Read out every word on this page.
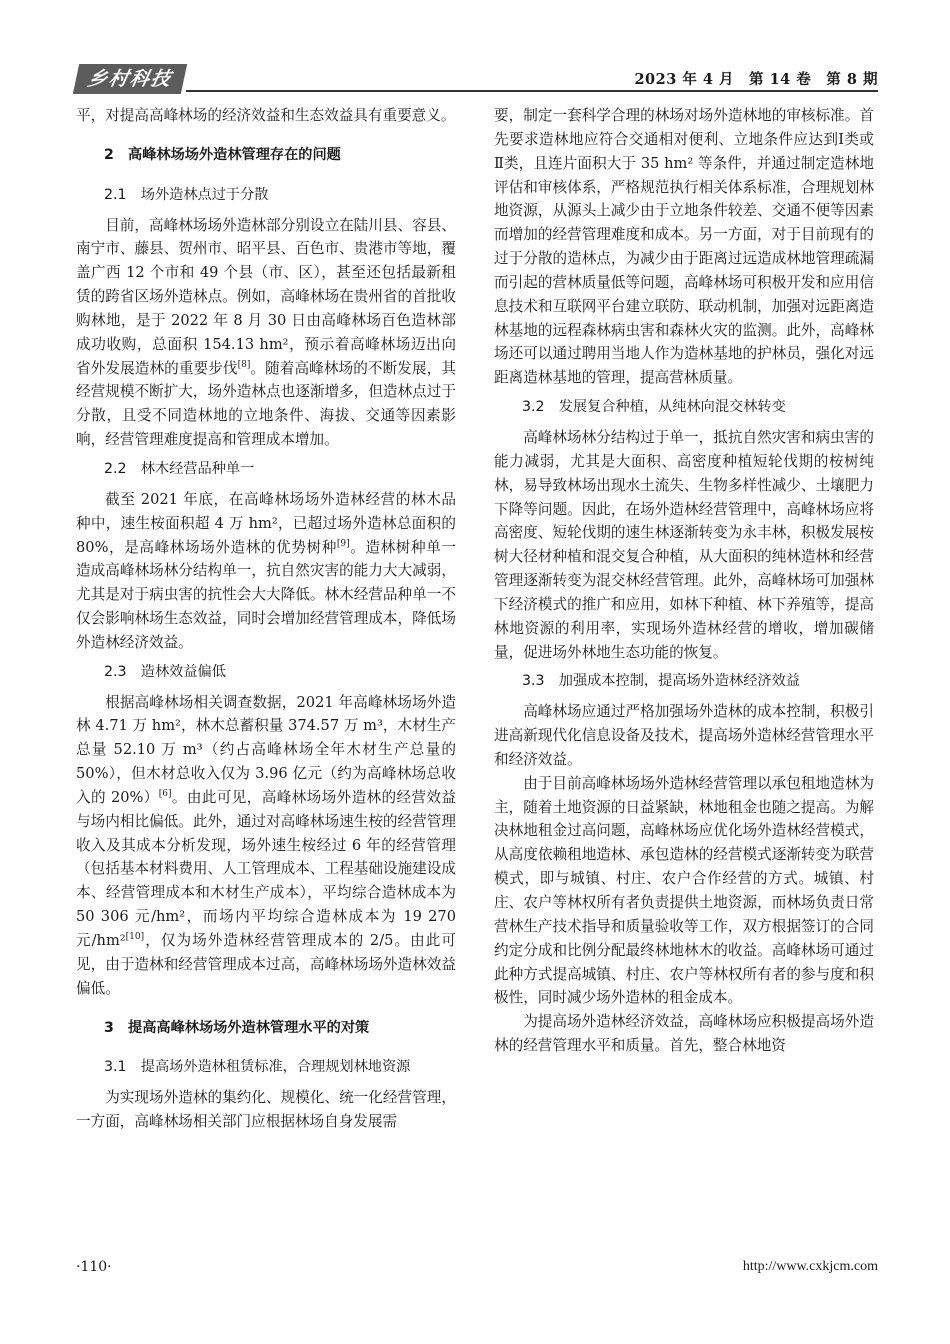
乡村科技	2023 年 4 月　第 14 卷　第 8 期

平，对提高高峰林场的经济效益和生态效益具有重要意义。

2　高峰林场场外造林管理存在的问题
2.1　场外造林点过于分散

目前，高峰林场场外造林部分别设立在陆川县、容县、南宁市、藤县、贺州市、昭平县、百色市、贵港市等地，覆盖广西 12 个市和 49 个县（市、区），甚至还包括最新租赁的跨省区场外造林点。例如，高峰林场在贵州省的首批收购林地，是于 2022 年 8 月 30 日由高峰林场百色造林部成功收购，总面积 154.13 hm²，预示着高峰林场迈出向省外发展造林的重要步伐[8]。随着高峰林场的不断发展，其经营规模不断扩大，场外造林点也逐渐增多，但造林点过于分散，且受不同造林地的立地条件、海拔、交通等因素影响，经营管理难度提高和管理成本增加。

2.2　林木经营品种单一

截至 2021 年底，在高峰林场场外造林经营的林木品种中，速生桉面积超 4 万 hm²，已超过场外造林总面积的 80%，是高峰林场场外造林的优势树种[9]。造林树种单一造成高峰林场林分结构单一，抗自然灾害的能力大大减弱，尤其是对于病虫害的抗性会大大降低。林木经营品种单一不仅会影响林场生态效益，同时会增加经营管理成本，降低场外造林经济效益。

2.3　造林效益偏低

根据高峰林场相关调查数据，2021 年高峰林场场外造林 4.71 万 hm²，林木总蓄积量 374.57 万 m³，木材生产总量 52.10 万 m³（约占高峰林场全年木材生产总量的 50%），但木材总收入仅为 3.96 亿元（约为高峰林场总收入的 20%）[6]。由此可见，高峰林场场外造林的经营效益与场内相比偏低。此外，通过对高峰林场速生桉的经营管理收入及其成本分析发现，场外速生桉经过 6 年的经营管理（包括基本材料费用、人工管理成本、工程基础设施建设成本、经营管理成本和木材生产成本），平均综合造林成本为 50 306 元/hm²，而场内平均综合造林成本为 19 270 元/hm²[10]，仅为场外造林经营管理成本的 2/5。由此可见，由于造林和经营管理成本过高，高峰林场场外造林效益偏低。

3　提高高峰林场场外造林管理水平的对策
3.1　提高场外造林租赁标准，合理规划林地资源

为实现场外造林的集约化、规模化、统一化经营管理，一方面，高峰林场相关部门应根据林场自身发展需

要，制定一套科学合理的林场对场外造林地的审核标准。首先要求造林地应符合交通相对便利、立地条件应达到Ⅰ类或Ⅱ类，且连片面积大于 35 hm² 等条件，并通过制定造林地评估和审核体系，严格规范执行相关体系标准，合理规划林地资源，从源头上减少由于立地条件较差、交通不便等因素而增加的经营管理难度和成本。另一方面，对于目前现有的过于分散的造林点，为减少由于距离过远造成林地管理疏漏而引起的营林质量低等问题，高峰林场可积极开发和应用信息技术和互联网平台建立联防、联动机制，加强对远距离造林基地的远程森林病虫害和森林火灾的监测。此外，高峰林场还可以通过聘用当地人作为造林基地的护林员，强化对远距离造林基地的管理，提高营林质量。

3.2　发展复合种植，从纯林向混交林转变

高峰林场林分结构过于单一，抵抗自然灾害和病虫害的能力减弱，尤其是大面积、高密度种植短轮伐期的桉树纯林，易导致林场出现水土流失、生物多样性减少、土壤肥力下降等问题。因此，在场外造林经营管理中，高峰林场应将高密度、短轮伐期的速生林逐渐转变为永丰林，积极发展桉树大径材种植和混交复合种植，从大面积的纯林造林和经营管理逐渐转变为混交林经营管理。此外，高峰林场可加强林下经济模式的推广和应用，如林下种植、林下养殖等，提高林地资源的利用率，实现场外造林经营的增收，增加碳储量，促进场外林地生态功能的恢复。

3.3　加强成本控制，提高场外造林经济效益

高峰林场应通过严格加强场外造林的成本控制，积极引进高新现代化信息设备及技术，提高场外造林经营管理水平和经济效益。

由于目前高峰林场场外造林经营管理以承包租地造林为主，随着土地资源的日益紧缺，林地租金也随之提高。为解决林地租金过高问题，高峰林场应优化场外造林经营模式，从高度依赖租地造林、承包造林的经营模式逐渐转变为联营模式，即与城镇、村庄、农户合作经营的方式。城镇、村庄、农户等林权所有者负责提供土地资源，而林场负责日常营林生产技术指导和质量验收等工作，双方根据签订的合同约定分成和比例分配最终林地林木的收益。高峰林场可通过此种方式提高城镇、村庄、农户等林权所有者的参与度和积极性，同时减少场外造林的租金成本。

为提高场外造林经济效益，高峰林场应积极提高场外造林的经营管理水平和质量。首先，整合林地资

·110·	http://www.cxkjcm.com
